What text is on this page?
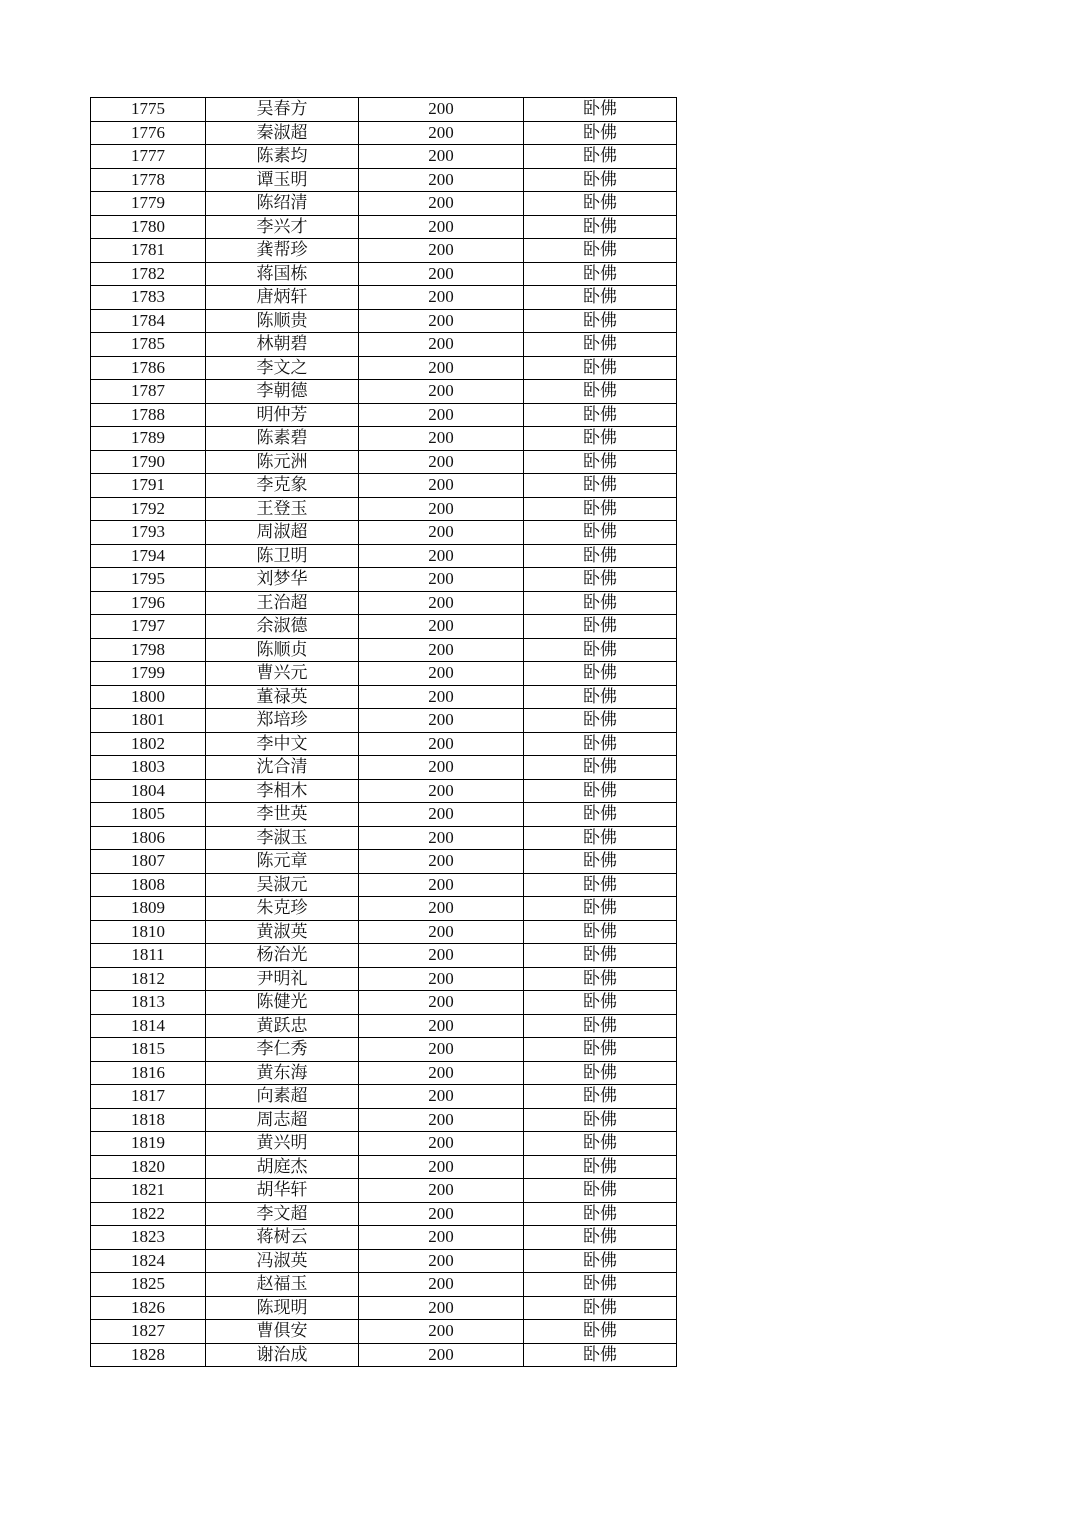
1775	吴春方	200	卧佛
1776	秦淑超	200	卧佛
1777	陈素均	200	卧佛
1778	谭玉明	200	卧佛
1779	陈绍清	200	卧佛
1780	李兴才	200	卧佛
1781	龚帮珍	200	卧佛
1782	蒋国栋	200	卧佛
1783	唐炳轩	200	卧佛
1784	陈顺贵	200	卧佛
1785	林朝碧	200	卧佛
1786	李文之	200	卧佛
1787	李朝德	200	卧佛
1788	明仲芳	200	卧佛
1789	陈素碧	200	卧佛
1790	陈元洲	200	卧佛
1791	李克象	200	卧佛
1792	王登玉	200	卧佛
1793	周淑超	200	卧佛
1794	陈卫明	200	卧佛
1795	刘梦华	200	卧佛
1796	王治超	200	卧佛
1797	余淑德	200	卧佛
1798	陈顺贞	200	卧佛
1799	曹兴元	200	卧佛
1800	董禄英	200	卧佛
1801	郑培珍	200	卧佛
1802	李中文	200	卧佛
1803	沈合清	200	卧佛
1804	李相木	200	卧佛
1805	李世英	200	卧佛
1806	李淑玉	200	卧佛
1807	陈元章	200	卧佛
1808	吴淑元	200	卧佛
1809	朱克珍	200	卧佛
1810	黄淑英	200	卧佛
1811	杨治光	200	卧佛
1812	尹明礼	200	卧佛
1813	陈健光	200	卧佛
1814	黄跃忠	200	卧佛
1815	李仁秀	200	卧佛
1816	黄东海	200	卧佛
1817	向素超	200	卧佛
1818	周志超	200	卧佛
1819	黄兴明	200	卧佛
1820	胡庭杰	200	卧佛
1821	胡华轩	200	卧佛
1822	李文超	200	卧佛
1823	蒋树云	200	卧佛
1824	冯淑英	200	卧佛
1825	赵福玉	200	卧佛
1826	陈现明	200	卧佛
1827	曹俱安	200	卧佛
1828	谢治成	200	卧佛
